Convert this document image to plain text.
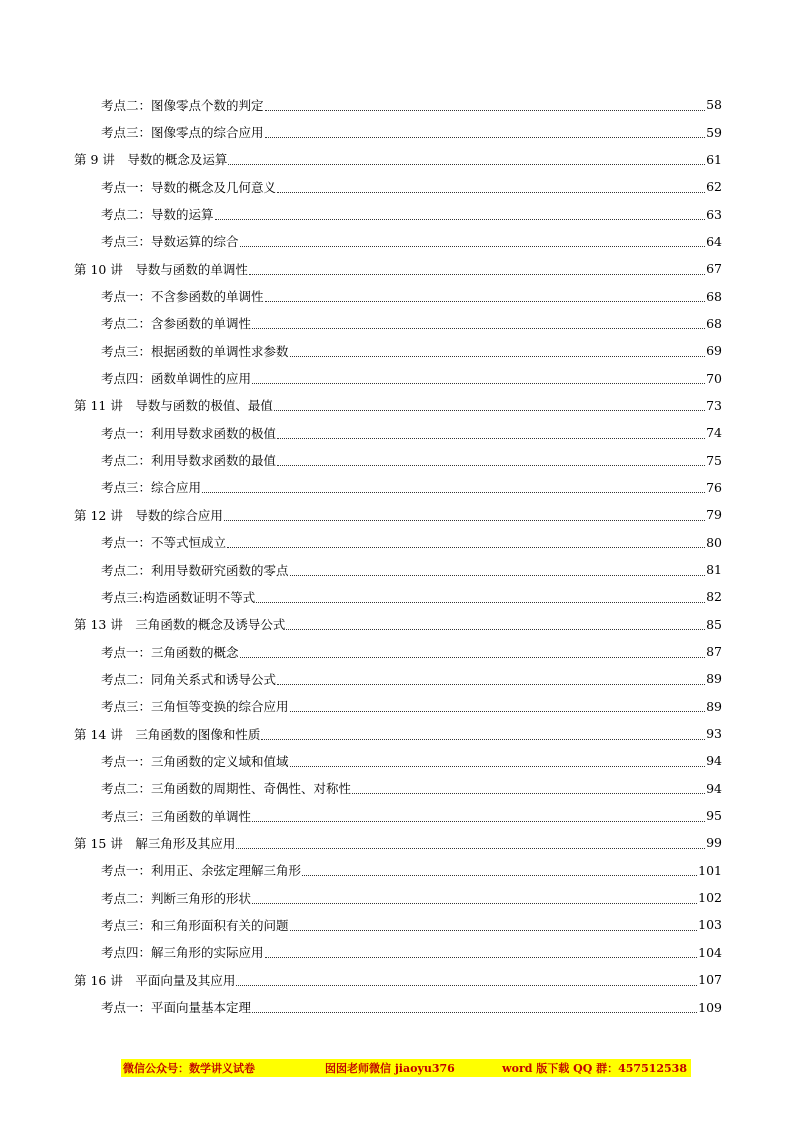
考点二：图像零点个数的判定	58
考点三：图像零点的综合应用	59
第 9 讲　导数的概念及运算	61
考点一：导数的概念及几何意义	62
考点二：导数的运算	63
考点三：导数运算的综合	64
第 10 讲　导数与函数的单调性	67
考点一：不含参函数的单调性	68
考点二：含参函数的单调性	68
考点三：根据函数的单调性求参数	69
考点四：函数单调性的应用	70
第 11 讲　导数与函数的极值、最值	73
考点一：利用导数求函数的极值	74
考点二：利用导数求函数的最值	75
考点三：综合应用	76
第 12 讲　导数的综合应用	79
考点一：不等式恒成立	80
考点二：利用导数研究函数的零点	81
考点三:构造函数证明不等式	82
第 13 讲　三角函数的概念及诱导公式	85
考点一：三角函数的概念	87
考点二：同角关系式和诱导公式	89
考点三：三角恒等变换的综合应用	89
第 14 讲　三角函数的图像和性质	93
考点一：三角函数的定义域和值域	94
考点二：三角函数的周期性、奇偶性、对称性	94
考点三：三角函数的单调性	95
第 15 讲　解三角形及其应用	99
考点一：利用正、余弦定理解三角形	101
考点二：判断三角形的形状	102
考点三：和三角形面积有关的问题	103
考点四：解三角形的实际应用	104
第 16 讲　平面向量及其应用	107
考点一：平面向量基本定理	109
微信公众号：数学讲义试卷	囡囡老师微信 jiaoyu376	word 版下载 QQ 群：457512538
